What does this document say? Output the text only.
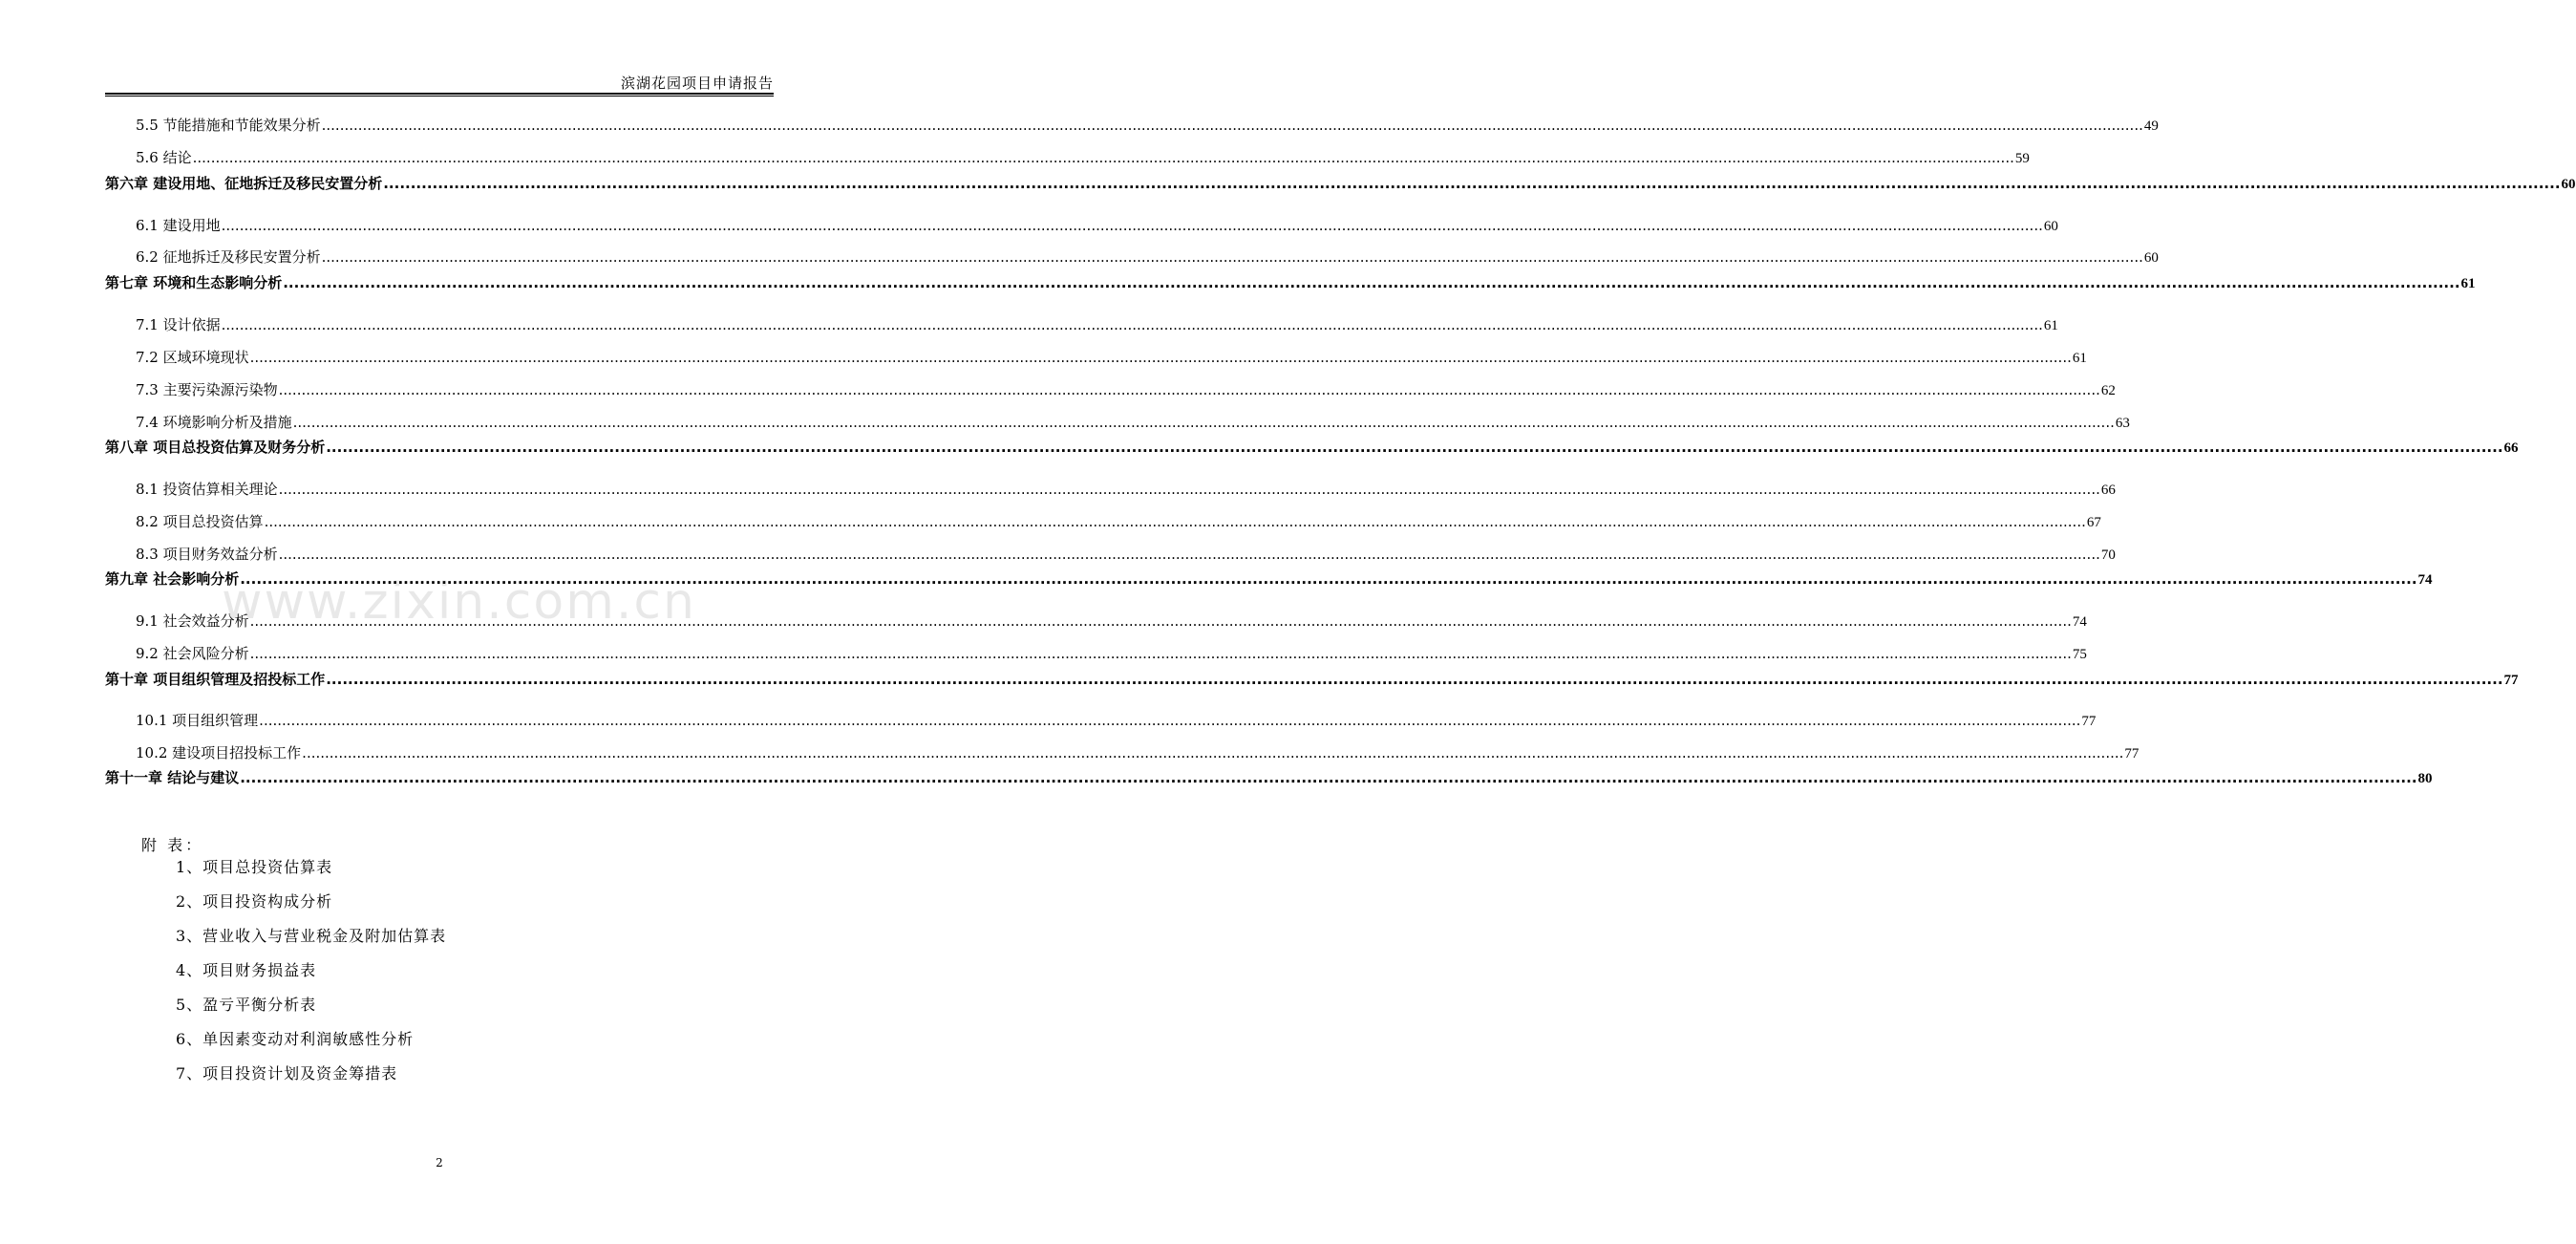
滨湖花园项目申请报告
5.5 节能措施和节能效果分析 ................................................................................................................................................................................................................................................................................................................................................................................................................ 49
5.6 结论 ................................................................................................................................................................................................................................................................................................................................................................................................................ 59
第六章 建设用地、征地拆迁及移民安置分析 ................................................................................................................................................................................................................................................................................................................................................................................................................ 60
6.1 建设用地 ................................................................................................................................................................................................................................................................................................................................................................................................................ 60
6.2 征地拆迁及移民安置分析 ................................................................................................................................................................................................................................................................................................................................................................................................................ 60
第七章 环境和生态影响分析 ................................................................................................................................................................................................................................................................................................................................................................................................................ 61
7.1 设计依据 ................................................................................................................................................................................................................................................................................................................................................................................................................ 61
7.2 区域环境现状 ................................................................................................................................................................................................................................................................................................................................................................................................................ 61
7.3 主要污染源污染物 ................................................................................................................................................................................................................................................................................................................................................................................................................ 62
7.4 环境影响分析及措施 ................................................................................................................................................................................................................................................................................................................................................................................................................ 63
第八章 项目总投资估算及财务分析 ................................................................................................................................................................................................................................................................................................................................................................................................................ 66
8.1 投资估算相关理论 ................................................................................................................................................................................................................................................................................................................................................................................................................ 66
8.2 项目总投资估算 ................................................................................................................................................................................................................................................................................................................................................................................................................ 67
8.3 项目财务效益分析 ................................................................................................................................................................................................................................................................................................................................................................................................................ 70
第九章 社会影响分析 ................................................................................................................................................................................................................................................................................................................................................................................................................ 74
9.1 社会效益分析 ................................................................................................................................................................................................................................................................................................................................................................................................................ 74
9.2 社会风险分析 ................................................................................................................................................................................................................................................................................................................................................................................................................ 75
第十章 项目组织管理及招投标工作 ................................................................................................................................................................................................................................................................................................................................................................................................................ 77
10.1 项目组织管理 ................................................................................................................................................................................................................................................................................................................................................................................................................ 77
10.2 建设项目招投标工作 ................................................................................................................................................................................................................................................................................................................................................................................................................ 77
第十一章 结论与建议 ................................................................................................................................................................................................................................................................................................................................................................................................................ 80
www.zixin.com.cn
附 表：
1、项目总投资估算表
2、项目投资构成分析
3、营业收入与营业税金及附加估算表
4、项目财务损益表
5、盈亏平衡分析表
6、单因素变动对利润敏感性分析
7、项目投资计划及资金筹措表
2
